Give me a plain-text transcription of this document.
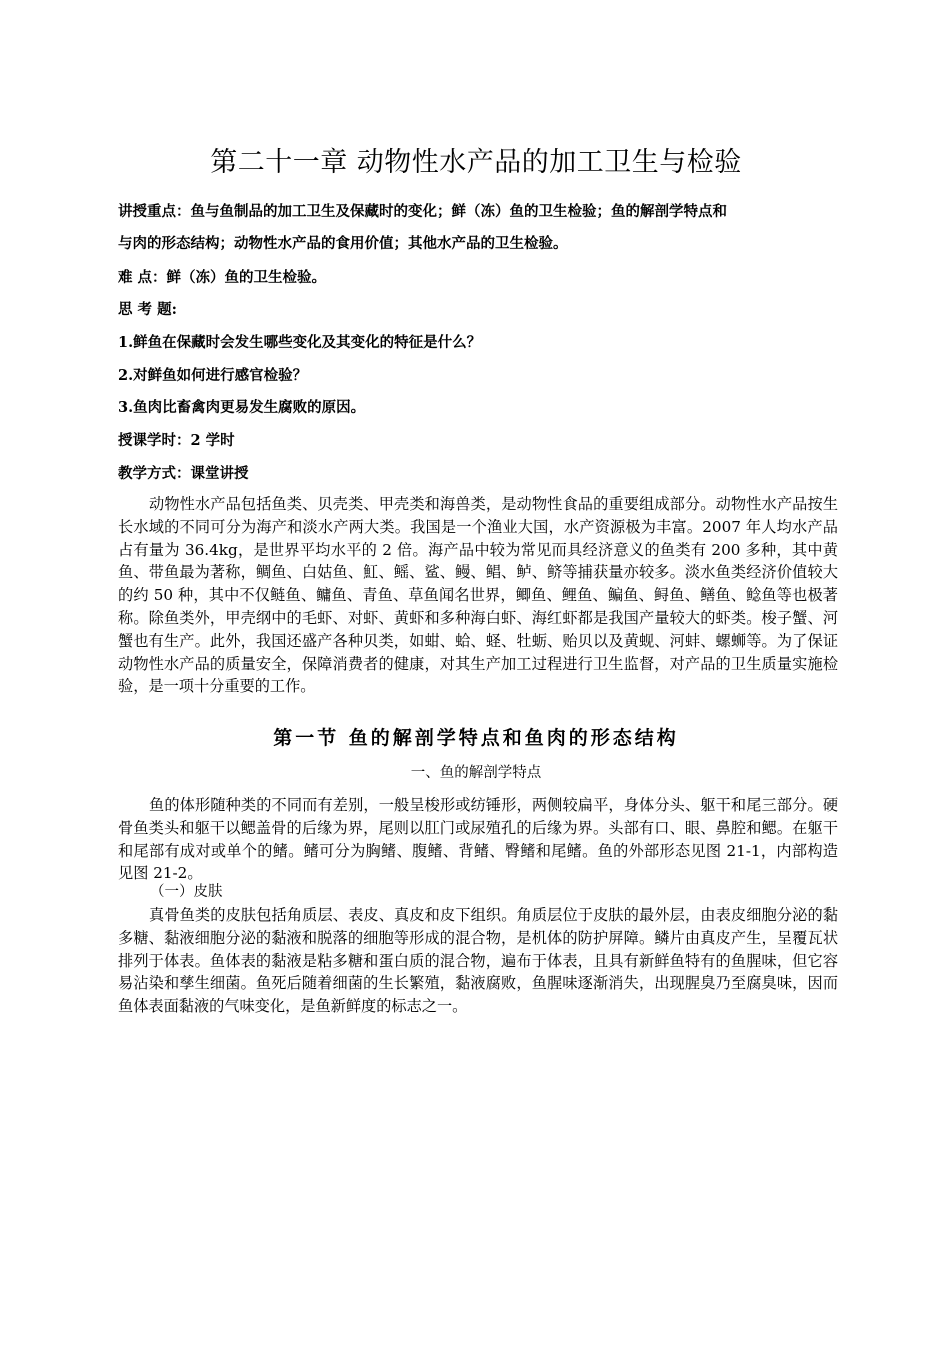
第二十一章 动物性水产品的加工卫生与检验
讲授重点：鱼与鱼制品的加工卫生及保藏时的变化；鲜（冻）鱼的卫生检验；鱼的解剖学特点和
与肉的形态结构；动物性水产品的食用价值；其他水产品的卫生检验。
难 点：鲜（冻）鱼的卫生检验。
思 考 题:
1.鲜鱼在保藏时会发生哪些变化及其变化的特征是什么？
2.对鲜鱼如何进行感官检验？
3.鱼肉比畜禽肉更易发生腐败的原因。
授课学时：2 学时
教学方式：课堂讲授
动物性水产品包括鱼类、贝壳类、甲壳类和海兽类，是动物性食品的重要组成部分。动物性水产品按生长水域的不同可分为海产和淡水产两大类。我国是一个渔业大国，水产资源极为丰富。2007 年人均水产品占有量为 36.4kg，是世界平均水平的 2 倍。海产品中较为常见而具经济意义的鱼类有 200 多种，其中黄鱼、带鱼最为著称，鲷鱼、白姑鱼、魟、鳐、鲨、鳗、鲳、鲈、鲚等捕获量亦较多。淡水鱼类经济价值较大的约 50 种，其中不仅鲢鱼、鳙鱼、青鱼、草鱼闻名世界，鲫鱼、鲤鱼、鳊鱼、鲟鱼、鳝鱼、鲶鱼等也极著称。除鱼类外，甲壳纲中的毛虾、对虾、黄虾和多种海白虾、海红虾都是我国产量较大的虾类。梭子蟹、河蟹也有生产。此外，我国还盛产各种贝类，如蚶、蛤、蛏、牡蛎、贻贝以及黄蚬、河蚌、螺蛳等。为了保证动物性水产品的质量安全，保障消费者的健康，对其生产加工过程进行卫生监督，对产品的卫生质量实施检验，是一项十分重要的工作。
第一节 鱼的解剖学特点和鱼肉的形态结构
一、鱼的解剖学特点
鱼的体形随种类的不同而有差别，一般呈梭形或纺锤形，两侧较扁平，身体分头、躯干和尾三部分。硬骨鱼类头和躯干以鳃盖骨的后缘为界，尾则以肛门或尿殖孔的后缘为界。头部有口、眼、鼻腔和鳃。在躯干和尾部有成对或单个的鳍。鳍可分为胸鳍、腹鳍、背鳍、臀鳍和尾鳍。鱼的外部形态见图 21-1，内部构造见图 21-2。
（一）皮肤
真骨鱼类的皮肤包括角质层、表皮、真皮和皮下组织。角质层位于皮肤的最外层，由表皮细胞分泌的黏多糖、黏液细胞分泌的黏液和脱落的细胞等形成的混合物，是机体的防护屏障。鳞片由真皮产生，呈覆瓦状排列于体表。鱼体表的黏液是粘多糖和蛋白质的混合物，遍布于体表，且具有新鲜鱼特有的鱼腥味，但它容易沾染和孳生细菌。鱼死后随着细菌的生长繁殖，黏液腐败，鱼腥味逐渐消失，出现腥臭乃至腐臭味，因而鱼体表面黏液的气味变化，是鱼新鲜度的标志之一。
